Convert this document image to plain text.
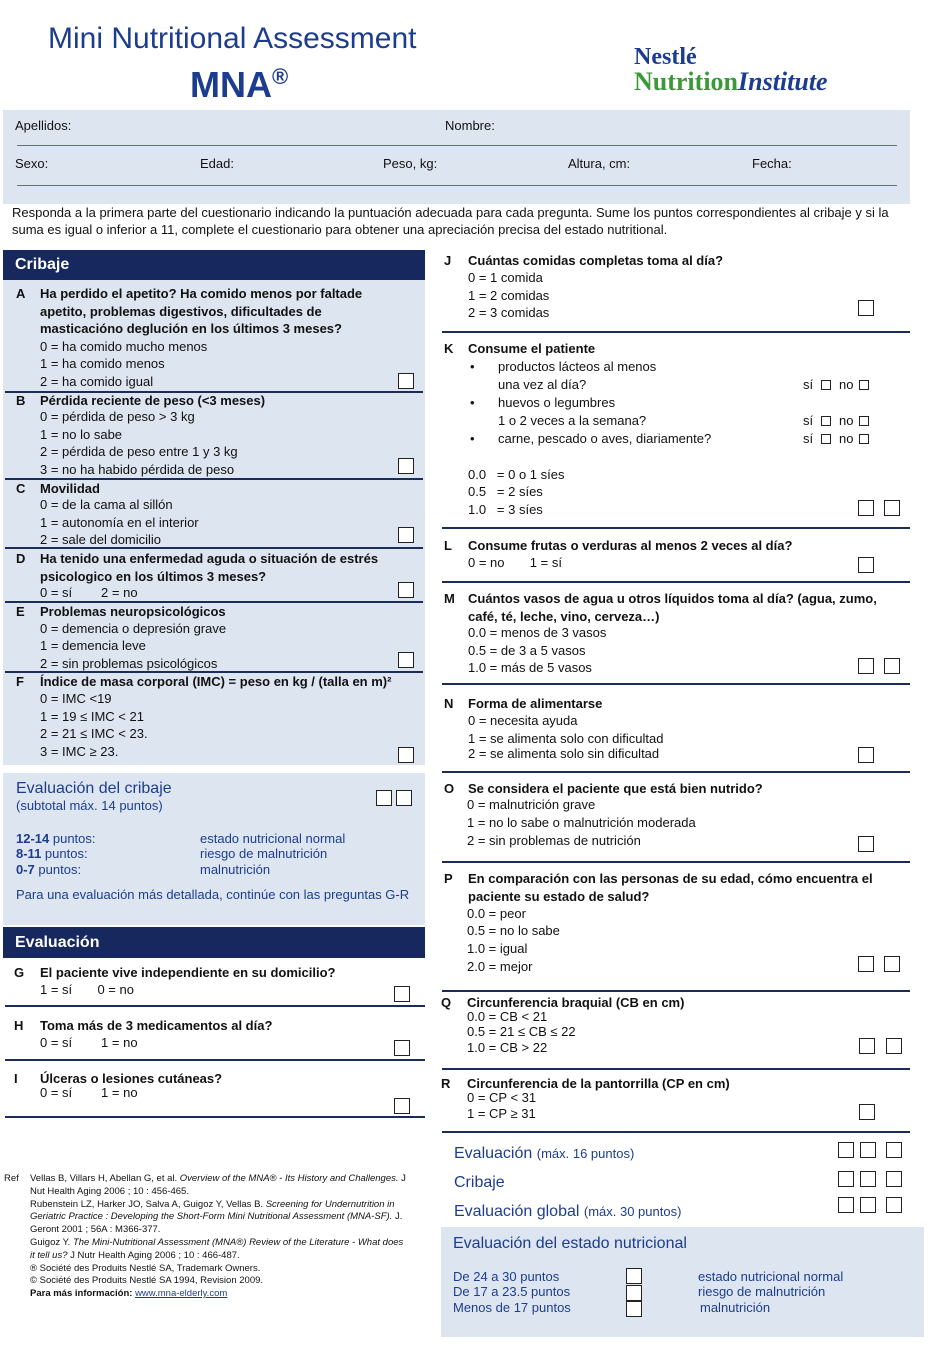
Mini Nutritional Assessment
MNA®
Nestlé
NutritionInstitute
Apellidos:	Nombre:
Sexo:	Edad:	Peso, kg:	Altura, cm:	Fecha:
Responda a la primera parte del cuestionario indicando la puntuación adecuada para cada pregunta. Sume los puntos correspondientes al cribaje y si la suma es igual o inferior a 11, complete el cuestionario para obtener una apreciación precisa del estado nutritional.
Cribaje
A Ha perdido el apetito? Ha comido menos por faltade apetito, problemas digestivos, dificultades de masticacióno deglución en los últimos 3 meses?
0 = ha comido mucho menos
1 = ha comido menos
2 = ha comido igual
B Pérdida reciente de peso (<3 meses)
0 = pérdida de peso > 3 kg
1 = no lo sabe
2 = pérdida de peso entre 1 y 3 kg
3 = no ha habido pérdida de peso
C Movilidad
0 = de la cama al sillón
1 = autonomía en el interior
2 = sale del domicilio
D Ha tenido una enfermedad aguda o situación de estrés psicologico en los últimos 3 meses?
0 = sí        2 = no
E Problemas neuropsicológicos
0 = demencia o depresión grave
1 = demencia leve
2 = sin problemas psicológicos
F Índice de masa corporal (IMC) = peso en kg / (talla en m)²
0 = IMC <19
1 = 19 ≤ IMC < 21
2 = 21 ≤ IMC < 23.
3 = IMC ≥ 23.
Evaluación del cribaje
(subtotal máx. 14 puntos)
12-14 puntos:	estado nutricional normal
8-11 puntos:	riesgo de malnutrición
0-7 puntos:	malnutrición
Para una evaluación más detallada, continúe con las preguntas G-R
Evaluación
G El paciente vive independiente en su domicilio?
1 = sí       0 = no
H Toma más de 3 medicamentos al día?
0 = sí        1 = no
I Úlceras o lesiones cutáneas?
0 = sí        1 = no
Ref Vellas B, Villars H, Abellan G, et al. Overview of the MNA® - Its History and Challenges. J Nut Health Aging 2006 ; 10 : 456-465.
Rubenstein LZ, Harker JO, Salva A, Guigoz Y, Vellas B. Screening for Undernutrition in Geriatric Practice : Developing the Short-Form Mini Nutritional Assessment (MNA-SF). J. Geront 2001 ; 56A : M366-377.
Guigoz Y. The Mini-Nutritional Assessment (MNA®) Review of the Literature - What does it tell us? J Nutr Health Aging 2006 ; 10 : 466-487.
® Société des Produits Nestlé SA, Trademark Owners.
© Société des Produits Nestlé SA 1994, Revision 2009.
Para más información: www.mna-elderly.com
J Cuántas comidas completas toma al día?
0 = 1 comida
1 = 2 comidas
2 = 3 comidas
K Consume el patiente
• productos lácteos al menos
una vez al día?	sí no
• huevos o legumbres
1 o 2 veces a la semana?	sí no
• carne, pescado o aves, diariamente?	sí no
0.0   = 0 o 1 síes
0.5   = 2 síes
1.0   = 3 síes
L Consume frutas o verduras al menos 2 veces al día?
0 = no       1 = sí
M Cuántos vasos de agua u otros líquidos toma al día? (agua, zumo, café, té, leche, vino, cerveza…)
0.0 = menos de 3 vasos
0.5 = de 3 a 5 vasos
1.0 = más de 5 vasos
N Forma de alimentarse
0 = necesita ayuda
1 = se alimenta solo con dificultad
2 = se alimenta solo sin dificultad
O Se considera el paciente que está bien nutrido?
0 = malnutrición grave
1 = no lo sabe o malnutrición moderada
2 = sin problemas de nutrición
P En comparación con las personas de su edad, cómo encuentra el paciente su estado de salud?
0.0 = peor
0.5 = no lo sabe
1.0 = igual
2.0 = mejor
Q Circunferencia braquial (CB en cm)
0.0 = CB < 21
0.5 = 21 ≤ CB ≤ 22
1.0 = CB > 22
R Circunferencia de la pantorrilla (CP en cm)
0 = CP < 31
1 = CP ≥ 31
Evaluación (máx. 16 puntos)
Cribaje
Evaluación global (máx. 30 puntos)
Evaluación del estado nutricional
De 24 a 30 puntos	estado nutricional normal
De 17 a 23.5 puntos	riesgo de malnutrición
Menos de 17 puntos	malnutrición
